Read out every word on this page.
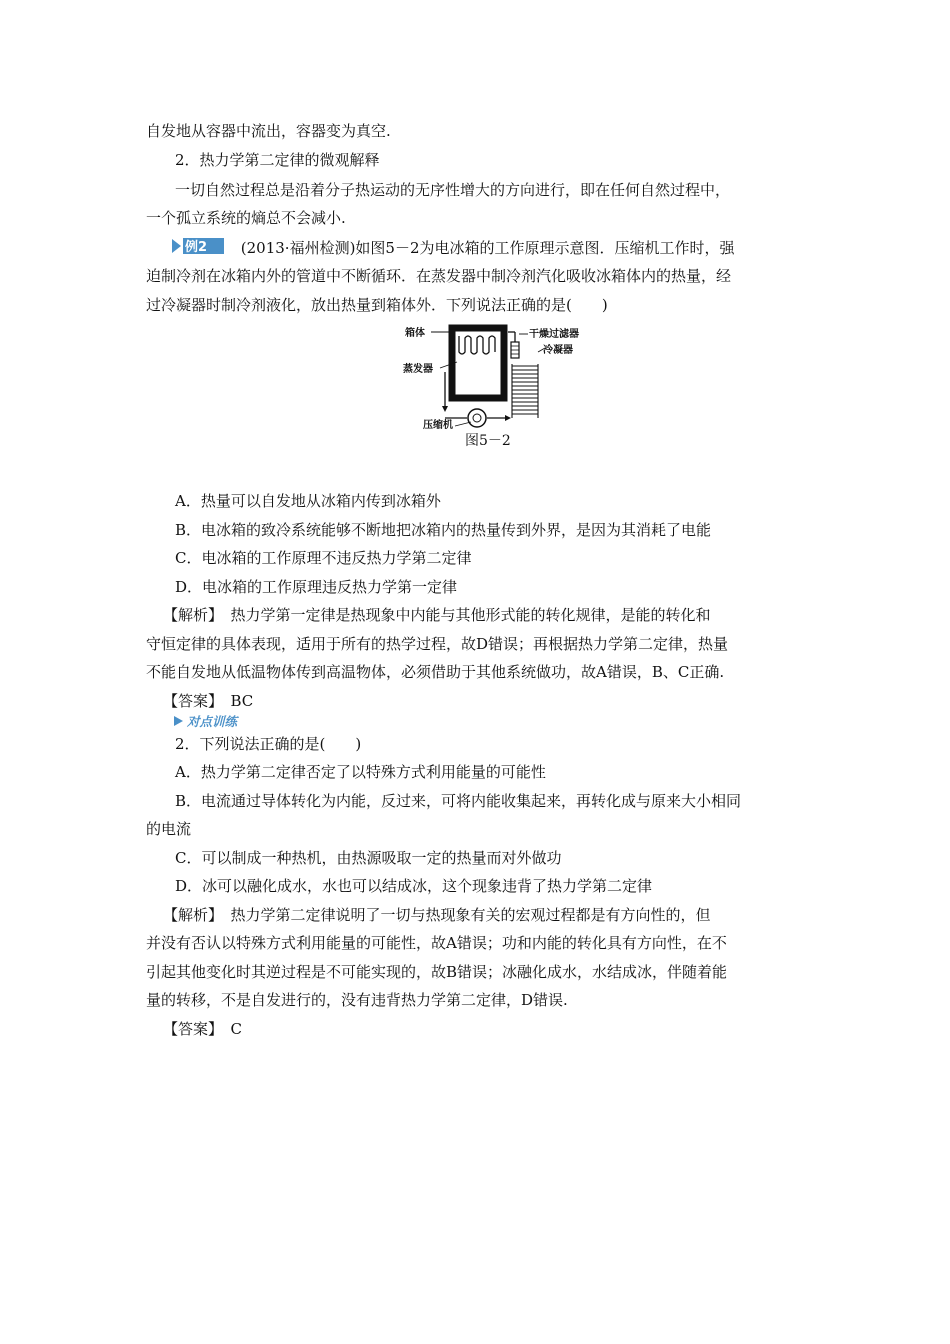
自发地从容器中流出，容器变为真空.
2．热力学第二定律的微观解释
一切自然过程总是沿着分子热运动的无序性增大的方向进行，即在任何自然过程中，
一个孤立系统的熵总不会减小.
例2 (2013·福州检测)如图5－2为电冰箱的工作原理示意图．压缩机工作时，强
迫制冷剂在冰箱内外的管道中不断循环．在蒸发器中制冷剂汽化吸收冰箱体内的热量，经
过冷凝器时制冷剂液化，放出热量到箱体外．下列说法正确的是(　　)
箱体	干燥过滤器
冷凝器
蒸发器
压缩机
图5－2
A．热量可以自发地从冰箱内传到冰箱外
B．电冰箱的致冷系统能够不断地把冰箱内的热量传到外界，是因为其消耗了电能
C．电冰箱的工作原理不违反热力学第二定律
D．电冰箱的工作原理违反热力学第一定律
【解析】　热力学第一定律是热现象中内能与其他形式能的转化规律，是能的转化和
守恒定律的具体表现，适用于所有的热学过程，故D错误；再根据热力学第二定律，热量
不能自发地从低温物体传到高温物体，必须借助于其他系统做功，故A错误，B、C正确.
【答案】　BC
对点训练
2．下列说法正确的是(　　)
A．热力学第二定律否定了以特殊方式利用能量的可能性
B．电流通过导体转化为内能，反过来，可将内能收集起来，再转化成与原来大小相同
的电流
C．可以制成一种热机，由热源吸取一定的热量而对外做功
D．冰可以融化成水，水也可以结成冰，这个现象违背了热力学第二定律
【解析】　热力学第二定律说明了一切与热现象有关的宏观过程都是有方向性的，但
并没有否认以特殊方式利用能量的可能性，故A错误；功和内能的转化具有方向性，在不
引起其他变化时其逆过程是不可能实现的，故B错误；冰融化成水，水结成冰，伴随着能
量的转移，不是自发进行的，没有违背热力学第二定律，D错误.
【答案】　C
